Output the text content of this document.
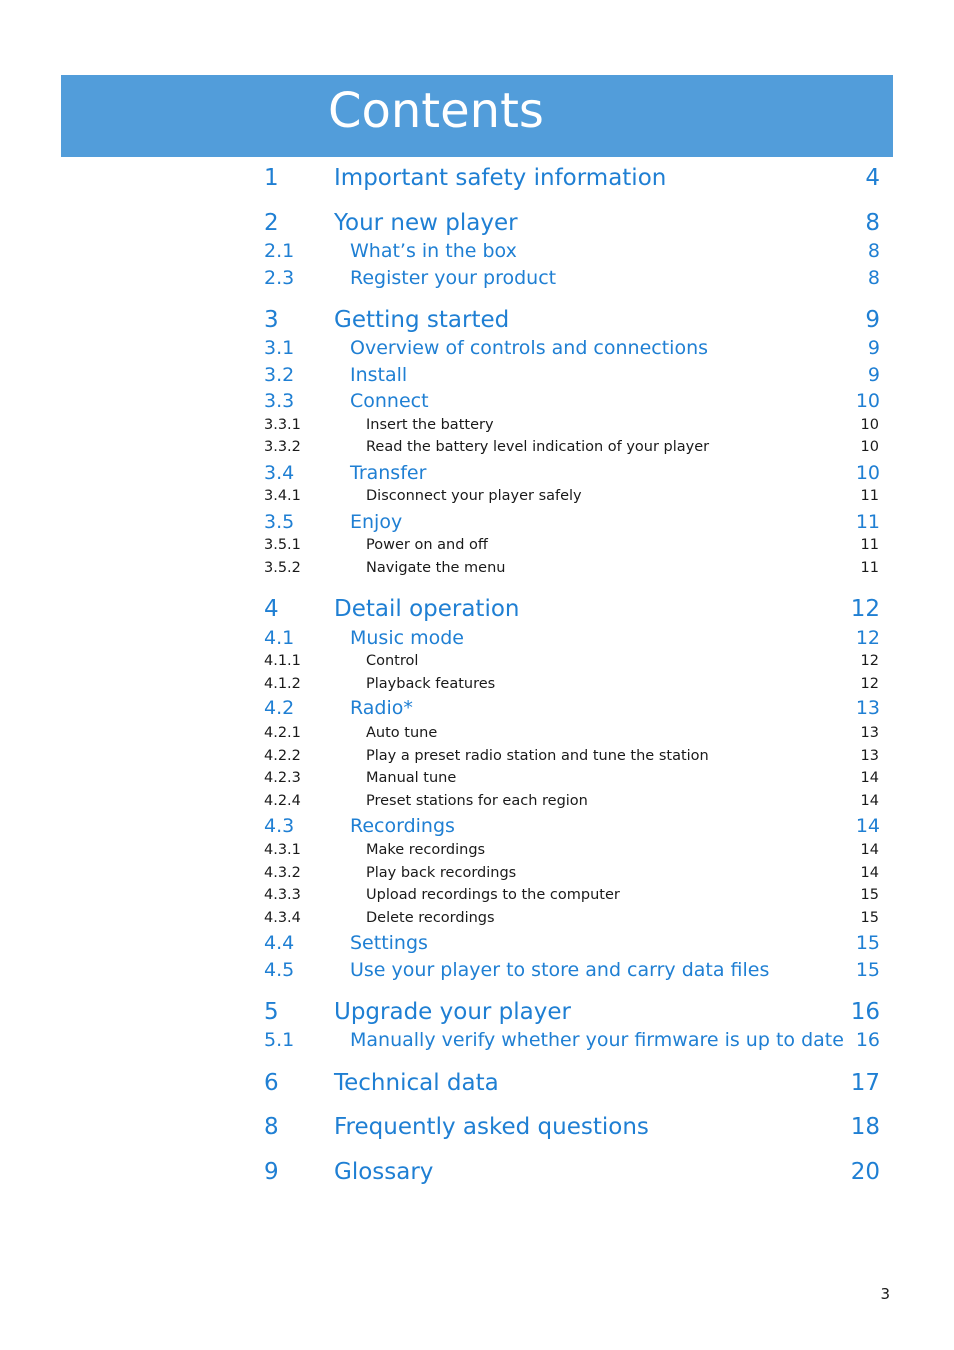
Contents
1 Important safety information	4
2 Your new player	8
2.1	What’s in the box	8
2.3	Register your product	8
3 Getting started	9
3.1	Overview of controls and connections	9
3.2	Install	9
3.3	Connect	10
3.3.1	Insert the battery	10
3.3.2	Read the battery level indication of your player	10
3.4	Transfer	10
3.4.1	Disconnect your player safely	11
3.5	Enjoy	11
3.5.1	Power on and off	11
3.5.2	Navigate the menu	11
4 Detail operation	12
4.1	Music mode	12
4.1.1	Control	12
4.1.2	Playback features	12
4.2	Radio*	13
4.2.1	Auto tune	13
4.2.2	Play a preset radio station and tune the station	13
4.2.3	Manual tune	14
4.2.4	Preset stations for each region	14
4.3	Recordings	14
4.3.1	Make recordings	14
4.3.2	Play back recordings	14
4.3.3	Upload recordings to the computer	15
4.3.4	Delete recordings	15
4.4	Settings	15
4.5	Use your player to store and carry data files	15
5 Upgrade your player	16
5.1	Manually verify whether your firmware is up to date 16
6 Technical data	17
8 Frequently asked questions	18
9 Glossary	20
3
